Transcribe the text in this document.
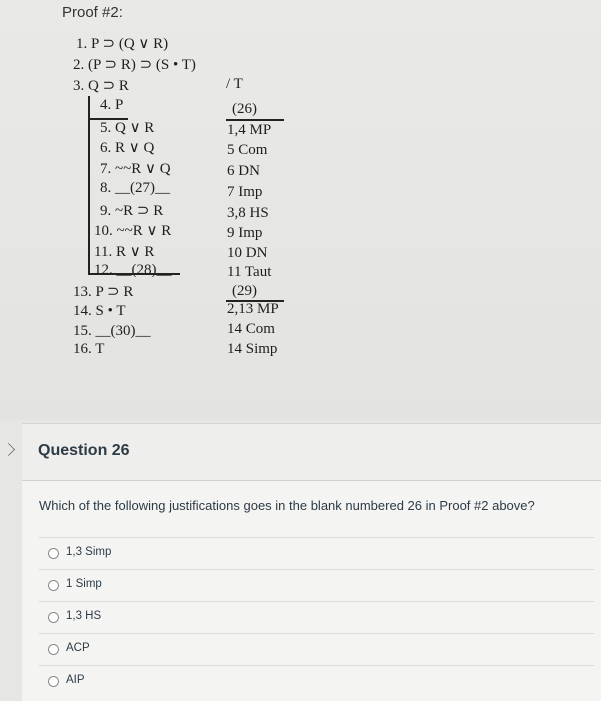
Proof #2:
1. P ⊃ (Q ∨ R)
2. (P ⊃ R) ⊃ (S • T)
3. Q ⊃ R
4. P
5. Q ∨ R
6. R ∨ Q
7. ~~R ∨ Q
8. __(27)__
9. ~R ⊃ R
10. ~~R ∨ R
11. R ∨ R
12. __(28)__
13. P ⊃ R
14. S • T
15. __(30)__
16. T
/ T
(26)
1,4 MP
5 Com
6 DN
7 Imp
3,8 HS
9 Imp
10 DN
11 Taut
(29)
2,13 MP
14 Com
14 Simp
Question 26
Which of the following justifications goes in the blank numbered 26 in Proof #2 above?
1,3 Simp
1 Simp
1,3 HS
ACP
AIP
